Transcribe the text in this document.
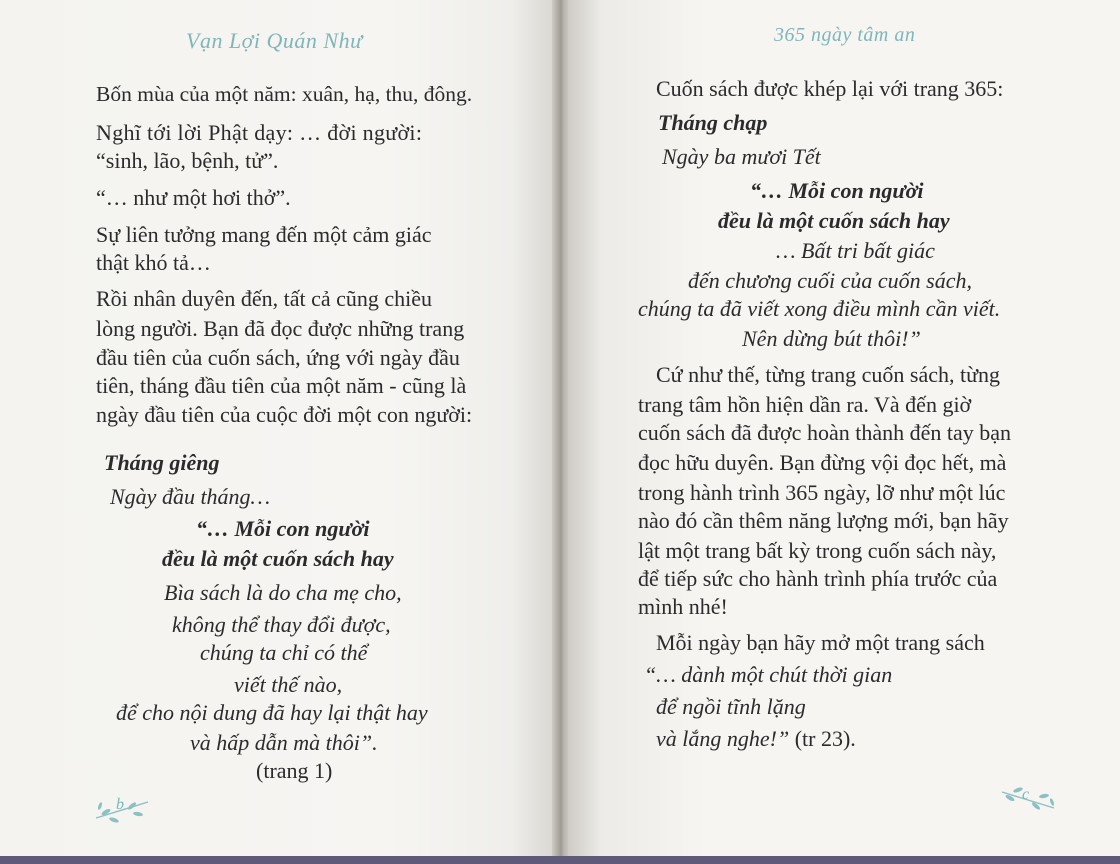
Vạn Lợi Quán Như
Bốn mùa của một năm: xuân, hạ, thu, đông.
Nghĩ tới lời Phật dạy: … đời người:
“sinh, lão, bệnh, tử”.
“… như một hơi thở”.
Sự liên tưởng mang đến một cảm giác
thật khó tả…
Rồi nhân duyên đến, tất cả cũng chiều
lòng người. Bạn đã đọc được những trang
đầu tiên của cuốn sách, ứng với ngày đầu
tiên, tháng đầu tiên của một năm - cũng là
ngày đầu tiên của cuộc đời một con người:
Tháng giêng
Ngày đầu tháng…
“… Mỗi con người
đều là một cuốn sách hay
Bìa sách là do cha mẹ cho,
không thể thay đổi được,
chúng ta chỉ có thể
viết thế nào,
để cho nội dung đã hay lại thật hay
và hấp dẫn mà thôi”.
(trang 1)
b
365 ngày tâm an
Cuốn sách được khép lại với trang 365:
Tháng chạp
Ngày ba mươi Tết
“… Mỗi con người
đều là một cuốn sách hay
… Bất tri bất giác
đến chương cuối của cuốn sách,
chúng ta đã viết xong điều mình cần viết.
Nên dừng bút thôi!”
Cứ như thế, từng trang cuốn sách, từng
trang tâm hồn hiện dần ra. Và đến giờ
cuốn sách đã được hoàn thành đến tay bạn
đọc hữu duyên. Bạn đừng vội đọc hết, mà
trong hành trình 365 ngày, lỡ như một lúc
nào đó cần thêm năng lượng mới, bạn hãy
lật một trang bất kỳ trong cuốn sách này,
để tiếp sức cho hành trình phía trước của
mình nhé!
Mỗi ngày bạn hãy mở một trang sách
“… dành một chút thời gian
để ngồi tĩnh lặng
và lắng nghe!” (tr 23).
c
